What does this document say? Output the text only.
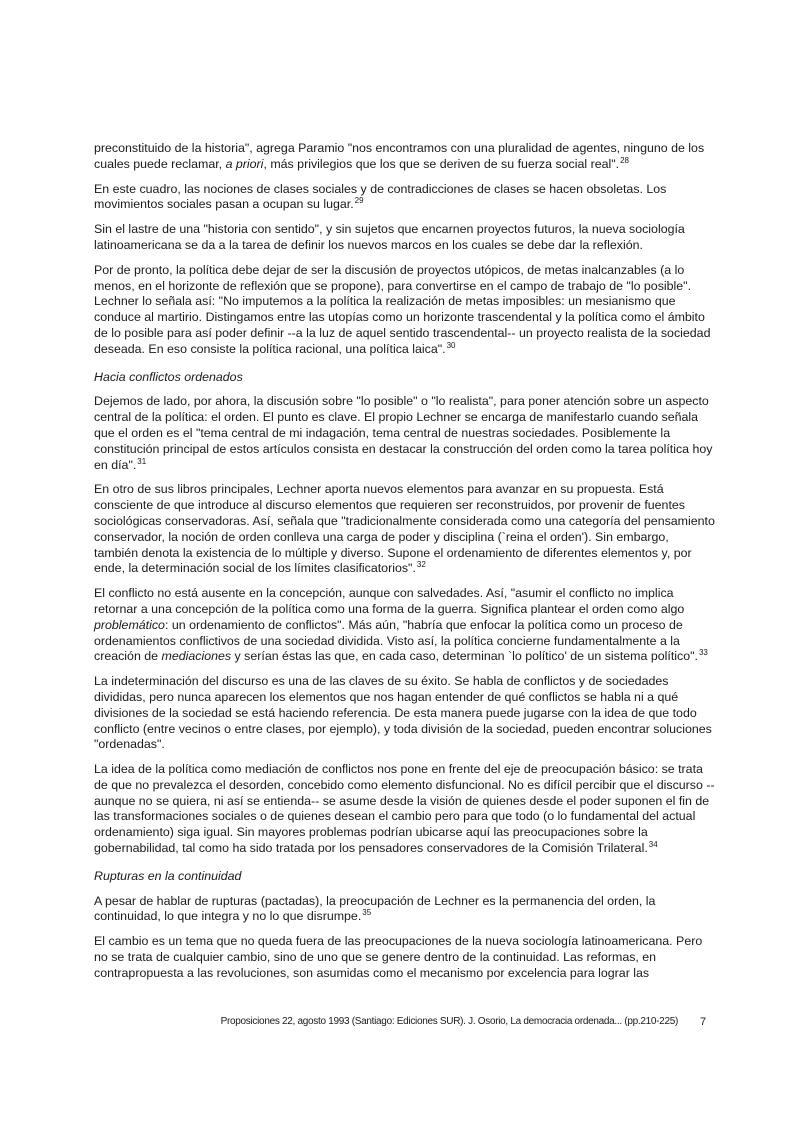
preconstituido de la historia", agrega Paramio "nos encontramos con una pluralidad de agentes, ninguno de los cuales puede reclamar, a priori, más privilegios que los que se deriven de su fuerza social real".$^{28}$

En este cuadro, las nociones de clases sociales y de contradicciones de clases se hacen obsoletas. Los movimientos sociales pasan a ocupan su lugar.$^{29}$

Sin el lastre de una "historia con sentido", y sin sujetos que encarnen proyectos futuros, la nueva sociología latinoamericana se da a la tarea de definir los nuevos marcos en los cuales se debe dar la reflexión.

Por de pronto, la política debe dejar de ser la discusión de proyectos utópicos, de metas inalcanzables (a lo menos, en el horizonte de reflexión que se propone), para convertirse en el campo de trabajo de "lo posible". Lechner lo señala así: "No imputemos a la política la realización de metas imposibles: un mesianismo que conduce al martirio. Distingamos entre las utopías como un horizonte trascendental y la política como el ámbito de lo posible para así poder definir --a la luz de aquel sentido trascendental-- un proyecto realista de la sociedad deseada. En eso consiste la política racional, una política laica".$^{30}$

Hacia conflictos ordenados

Dejemos de lado, por ahora, la discusión sobre "lo posible" o "lo realista", para poner atención sobre un aspecto central de la política: el orden. El punto es clave. El propio Lechner se encarga de manifestarlo cuando señala que el orden es el "tema central de mi indagación, tema central de nuestras sociedades. Posiblemente la constitución principal de estos artículos consista en destacar la construcción del orden como la tarea política hoy en día".$^{31}$

En otro de sus libros principales, Lechner aporta nuevos elementos para avanzar en su propuesta. Está consciente de que introduce al discurso elementos que requieren ser reconstruidos, por provenir de fuentes sociológicas conservadoras. Así, señala que "tradicionalmente considerada como una categoría del pensamiento conservador, la noción de orden conlleva una carga de poder y disciplina (`reina el orden'). Sin embargo, también denota la existencia de lo múltiple y diverso. Supone el ordenamiento de diferentes elementos y, por ende, la determinación social de los límites clasificatorios".$^{32}$

El conflicto no está ausente en la concepción, aunque con salvedades. Así, "asumir el conflicto no implica retornar a una concepción de la política como una forma de la guerra. Significa plantear el orden como algo problemático: un ordenamiento de conflictos". Más aún, "habría que enfocar la política como un proceso de ordenamientos conflictivos de una sociedad dividida. Visto así, la política concierne fundamentalmente a la creación de mediaciones y serían éstas las que, en cada caso, determinan `lo político' de un sistema político".$^{33}$

La indeterminación del discurso es una de las claves de su éxito. Se habla de conflictos y de sociedades divididas, pero nunca aparecen los elementos que nos hagan entender de qué conflictos se habla ni a qué divisiones de la sociedad se está haciendo referencia. De esta manera puede jugarse con la idea de que todo conflicto (entre vecinos o entre clases, por ejemplo), y toda división de la sociedad, pueden encontrar soluciones "ordenadas".

La idea de la política como mediación de conflictos nos pone en frente del eje de preocupación básico: se trata de que no prevalezca el desorden, concebido como elemento disfuncional. No es difícil percibir que el discurso --aunque no se quiera, ni así se entienda-- se asume desde la visión de quienes desde el poder suponen el fin de las transformaciones sociales o de quienes desean el cambio pero para que todo (o lo fundamental del actual ordenamiento) siga igual. Sin mayores problemas podrían ubicarse aquí las preocupaciones sobre la gobernabilidad, tal como ha sido tratada por los pensadores conservadores de la Comisión Trilateral.$^{34}$

Rupturas en la continuidad

A pesar de hablar de rupturas (pactadas), la preocupación de Lechner es la permanencia del orden, la continuidad, lo que integra y no lo que disrumpe.$^{35}$

El cambio es un tema que no queda fuera de las preocupaciones de la nueva sociología latinoamericana. Pero no se trata de cualquier cambio, sino de uno que se genere dentro de la continuidad. Las reformas, en contrapropuesta a las revoluciones, son asumidas como el mecanismo por excelencia para lograr las

Proposiciones 22, agosto 1993 (Santiago: Ediciones SUR). J. Osorio, La democracia ordenada... (pp.210-225) 7
